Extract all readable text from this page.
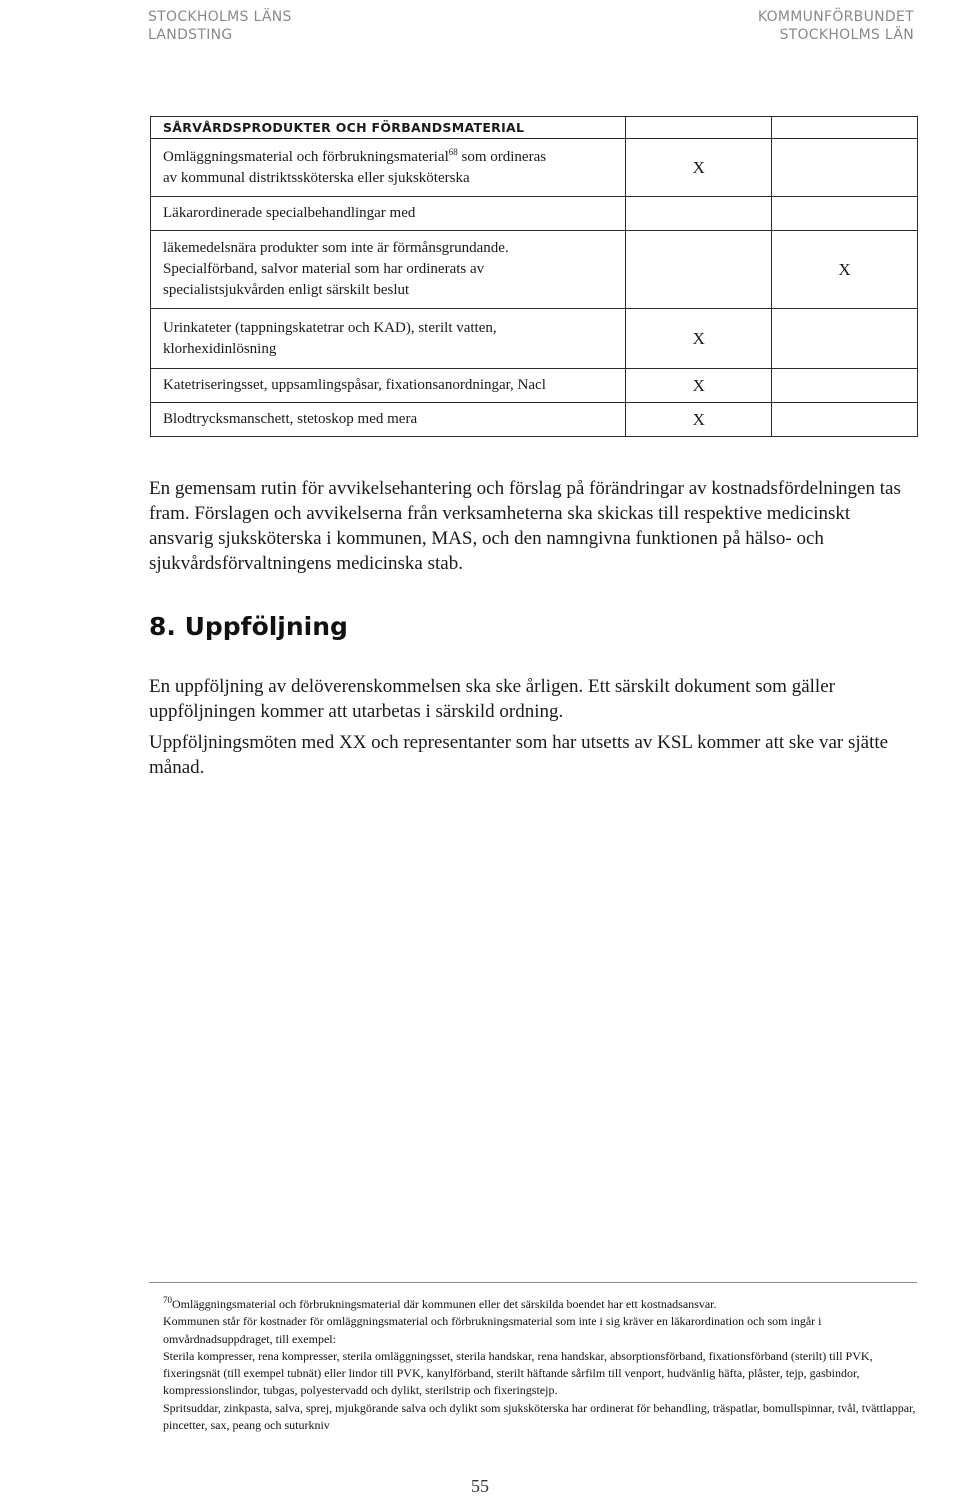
STOCKHOLMS LÄNS
LANDSTING
KOMMUNFÖRBUNDET
STOCKHOLMS LÄN
SÅRVÅRDSPRODUKTER OCH FÖRBANDSMATERIAL		
Omläggningsmaterial och förbrukningsmaterial$^{68}$ som ordineras
av kommunal distriktssköterska eller sjuksköterska	X	
Läkarordinerade specialbehandlingar med		
läkemedelsnära produkter som inte är förmånsgrundande.
Specialförband, salvor material som har ordinerats av
specialistsjukvården enligt särskilt beslut		X
Urinkateter (tappningskatetrar och KAD), sterilt vatten,
klorhexidinlösning	X	
Katetriseringsset, uppsamlingspåsar, fixationsanordningar, Nacl	X	
Blodtrycksmanschett, stetoskop med mera	X	

En gemensam rutin för avvikelsehantering och förslag på förändringar av kostnadsfördelningen tas fram. Förslagen och avvikelserna från verksamheterna ska skickas till respektive medicinskt ansvarig sjuksköterska i kommunen, MAS, och den namngivna funktionen på hälso- och sjukvårdsförvaltningens medicinska stab.

8. Uppföljning

En uppföljning av delöverenskommelsen ska ske årligen. Ett särskilt dokument som gäller uppföljningen kommer att utarbetas i särskild ordning.

Uppföljningsmöten med XX och representanter som har utsetts av KSL kommer att ske var sjätte månad.

$^{70}$Omläggningsmaterial och förbrukningsmaterial där kommunen eller det särskilda boendet har ett kostnadsansvar.

Kommunen står för kostnader för omläggningsmaterial och förbrukningsmaterial som inte i sig kräver en läkarordination och som ingår i omvårdnadsuppdraget, till exempel:

Sterila kompresser, rena kompresser, sterila omläggningsset, sterila handskar, rena handskar, absorptionsförband, fixationsförband (sterilt) till PVK, fixeringsnät (till exempel tubnät) eller lindor till PVK, kanylförband, sterilt häftande sårfilm till venport, hudvänlig häfta, plåster, tejp, gasbindor, kompressionslindor, tubgas, polyestervadd och dylikt, sterilstrip och fixeringstejp.

Spritsuddar, zinkpasta, salva, sprej, mjukgörande salva och dylikt som sjuksköterska har ordinerat för behandling, träspatlar, bomullspinnar, tvål, tvättlappar, pincetter, sax, peang och suturkniv

55
